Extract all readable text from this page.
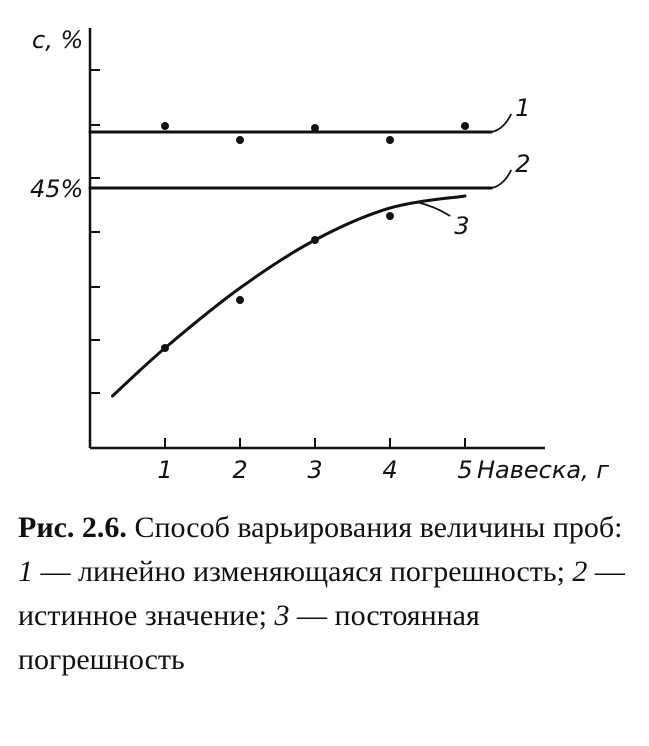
1 2 3 4 5 Навеска, г
c, %
45%
1
2
3
Рис. 2.6. Способ варьирования величины проб:
1 — линейно изменяющаяся погрешность; 2 — истинное значение; 3 — постоянная погрешность
